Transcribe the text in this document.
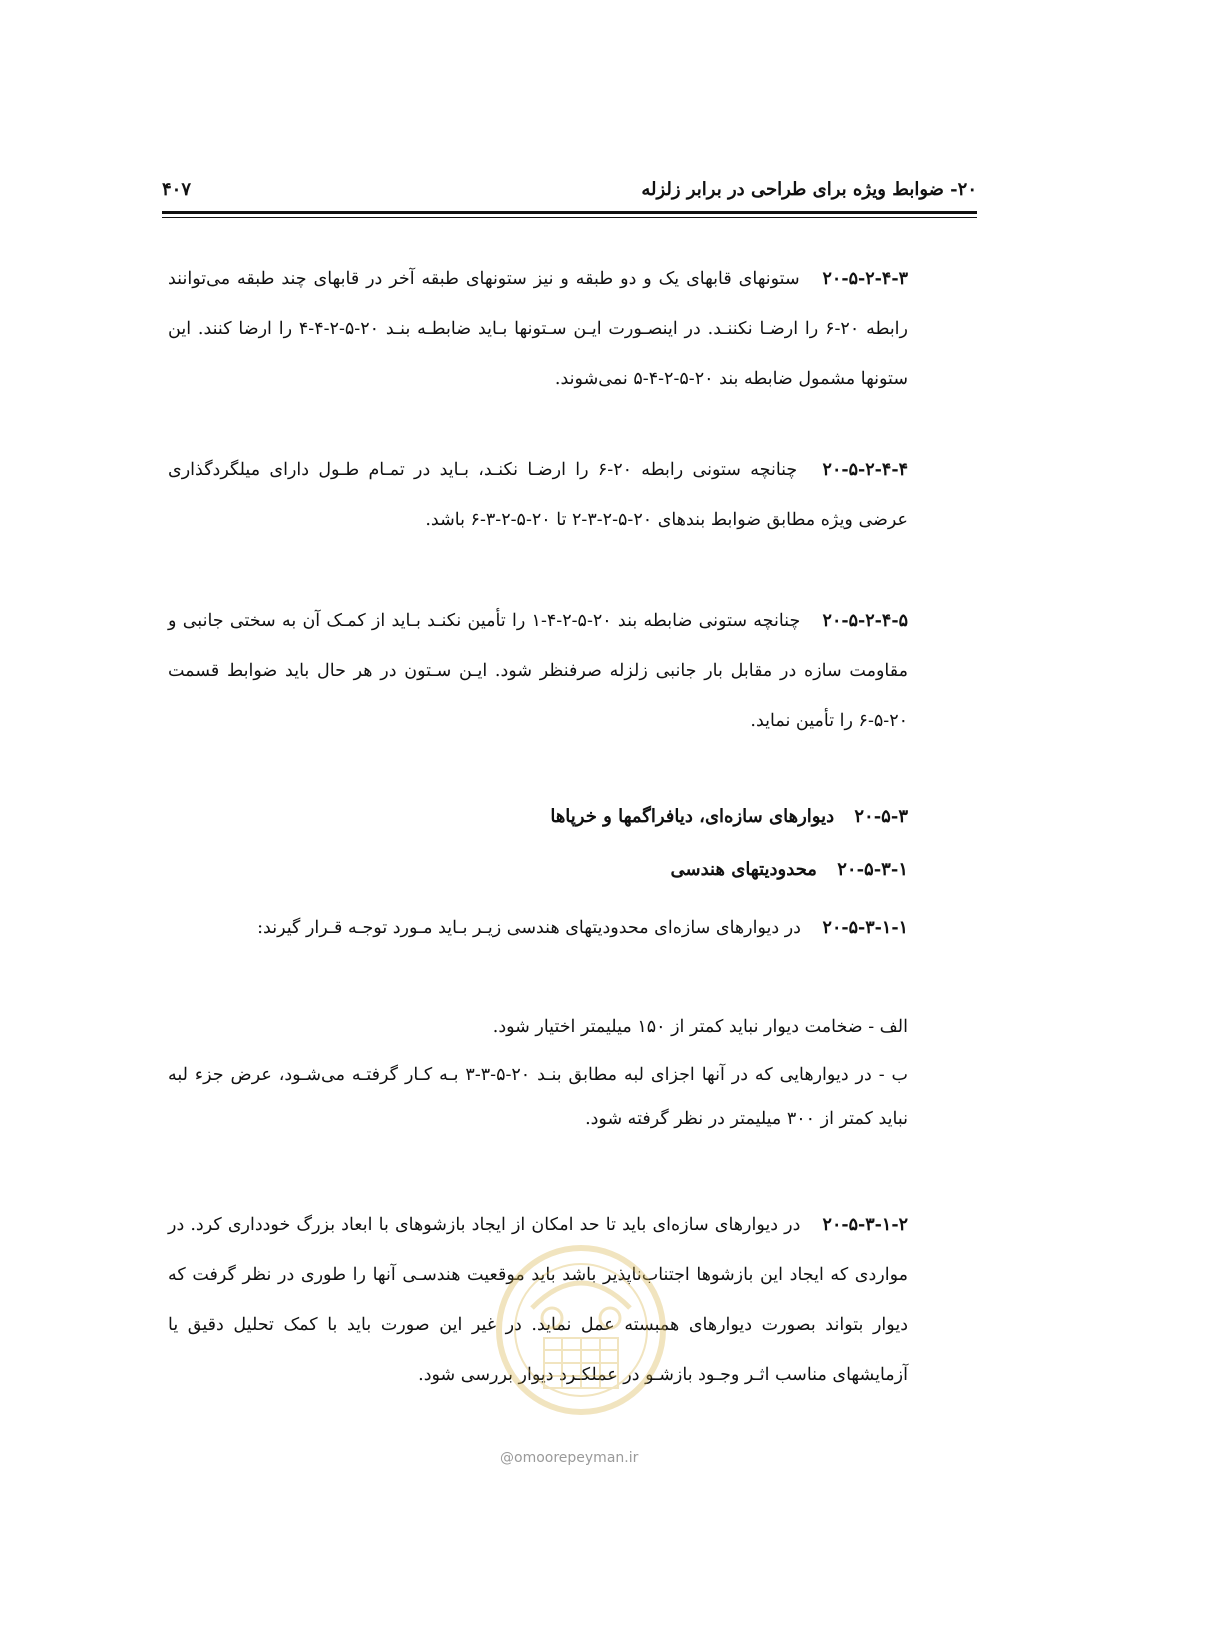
۴۰۷	۲۰- ضوابط ویژه برای طراحی در برابر زلزله
۲۰-۵-۲-۴-۳ ستونهای قابهای یک و دو طبقه و نیز ستونهای طبقه آخر در قابهای چند طبقه می‌توانند رابطه ۲۰-۶ را ارضـا نکننـد. در اینصـورت ایـن سـتونها بـاید ضابطـه بنـد ۲۰-۵-۲-۴-۴ را ارضا کنند. این ستونها مشمول ضابطه بند ۲۰-۵-۲-۴-۵ نمی‌شوند.
۲۰-۵-۲-۴-۴ چنانچه ستونی رابطه ۲۰-۶ را ارضـا نکنـد، بـاید در تمـام طـول دارای میلگردگذاری عرضی ویژه مطابق ضوابط بندهای ۲۰-۵-۲-۳-۲ تا ۲۰-۵-۲-۳-۶ باشد.
۲۰-۵-۲-۴-۵ چنانچه ستونی ضابطه بند ۲۰-۵-۲-۴-۱ را تأمین نکنـد بـاید از کمـک آن به سختی جانبی و مقاومت سازه در مقابل بار جانبی زلزله صرفنظر شود. ایـن سـتون در هر حال باید ضوابط قسمت ۲۰-۵-۶ را تأمین نماید.
۲۰-۵-۳ دیوارهای سازه‌ای، دیافراگمها و خرپاها
۲۰-۵-۳-۱ محدودیتهای هندسی
۲۰-۵-۳-۱-۱ در دیوارهای سازه‌ای محدودیتهای هندسی زیـر بـاید مـورد توجـه قـرار گیرند:
الف - ضخامت دیوار نباید کمتر از ۱۵۰ میلیمتر اختیار شود.
ب - در دیوارهایی که در آنها اجزای لبه مطابق بنـد ۲۰-۵-۳-۳ بـه کـار گرفتـه می‌شـود، عرض جزء لبه نباید کمتر از ۳۰۰ میلیمتر در نظر گرفته شود.
۲۰-۵-۳-۱-۲ در دیوارهای سازه‌ای باید تا حد امکان از ایجاد بازشوهای با ابعاد بزرگ خودداری کرد. در مواردی که ایجاد این بازشوها اجتناب‌ناپذیر باشد باید موقعیت هندسـی آنها را طوری در نظر گرفت که دیوار بتواند بصورت دیوارهای همبسته عمل نماید. در غیر این صورت باید با کمک تحلیل دقیق یا آزمایشهای مناسب اثـر وجـود بازشـو در عملکـرد دیوار بررسی شود.
@omoorepeyman.ir
